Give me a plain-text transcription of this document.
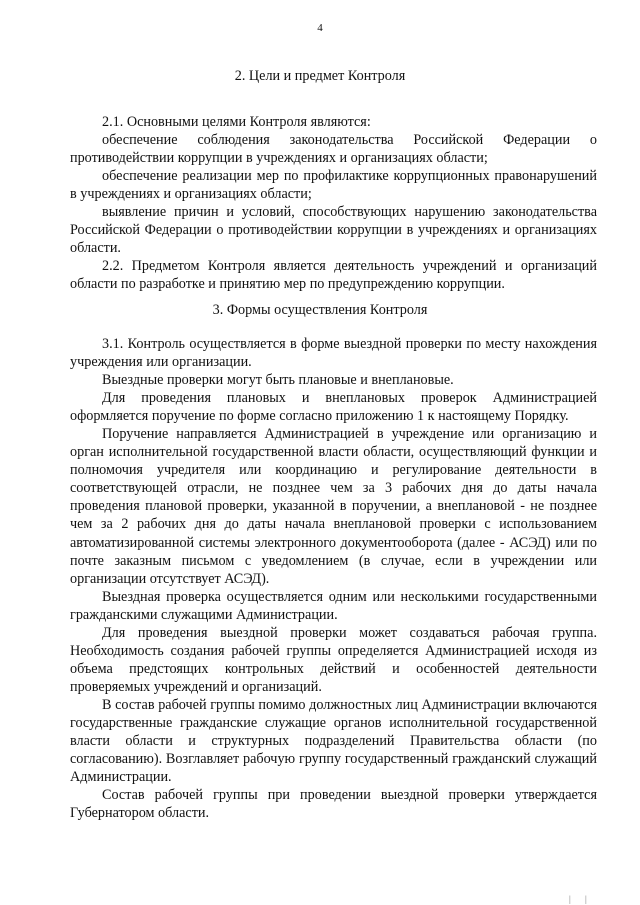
4
2. Цели и предмет Контроля

2.1. Основными целями Контроля являются:

обеспечение соблюдения законодательства Российской Федерации о противодействии коррупции в учреждениях и организациях области;

обеспечение реализации мер по профилактике коррупционных правонарушений в учреждениях и организациях области;

выявление причин и условий, способствующих нарушению законодательства Российской Федерации о противодействии коррупции в учреждениях и организациях области.

2.2. Предметом Контроля является деятельность учреждений и организаций области по разработке и принятию мер по предупреждению коррупции.

3. Формы осуществления Контроля

3.1. Контроль осуществляется в форме выездной проверки по месту нахождения учреждения или организации.

Выездные проверки могут быть плановые и внеплановые.

Для проведения плановых и внеплановых проверок Администрацией оформляется поручение по форме согласно приложению 1 к настоящему Порядку.

Поручение направляется Администрацией в учреждение или организацию и орган исполнительной государственной власти области, осуществляющий функции и полномочия учредителя или координацию и регулирование деятельности в соответствующей отрасли, не позднее чем за 3 рабочих дня до даты начала проведения плановой проверки, указанной в поручении, а внеплановой - не позднее чем за 2 рабочих дня до даты начала внеплановой проверки с использованием автоматизированной системы электронного документооборота (далее - АСЭД) или по почте заказным письмом с уведомлением (в случае, если в учреждении или организации отсутствует АСЭД).

Выездная проверка осуществляется одним или несколькими государственными гражданскими служащими Администрации.

Для проведения выездной проверки может создаваться рабочая группа. Необходимость создания рабочей группы определяется Администрацией исходя из объема предстоящих контрольных действий и особенностей деятельности проверяемых учреждений и организаций.

В состав рабочей группы помимо должностных лиц Администрации включаются государственные гражданские служащие органов исполнительной государственной власти области и структурных подразделений Правительства области (по согласованию). Возглавляет рабочую группу государственный гражданский служащий Администрации.

Состав рабочей группы при проведении выездной проверки утверждается Губернатором области.

| |
